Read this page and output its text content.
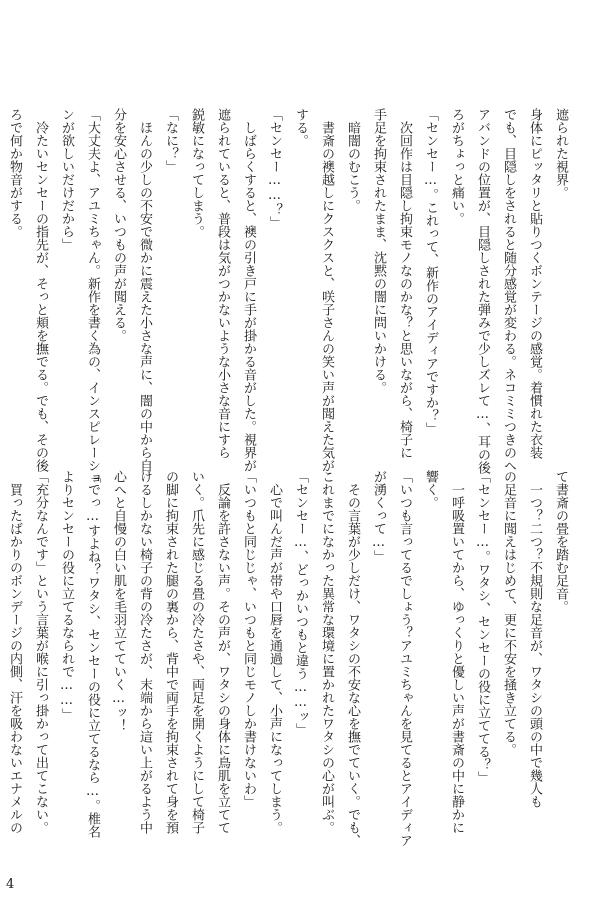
遮られた視界。
身体にピッタリと貼りつくボンテージの感覚。着慣れた衣装
でも、目隠しをされると随分感覚が変わる。ネコミミつきのヘ
アバンドの位置が、目隠しされた弾みで少しズレて…、耳の後
ろがちょっと痛い。
「センセー…。これって、新作のアイディアですか？」
　次回作は目隠し拘束モノなのかな？と思いながら、椅子に
手足を拘束されたまま、沈黙の闇に問いかける。
　暗闇のむこう。
　書斎の襖越しにクスクスと、咲子さんの笑い声が聞えた気が
する。
「センセー……？」
　しばらくすると、襖の引き戸に手が掛かる音がした。視界が
遮られていると、普段は気がつかないような小さな音にすら
鋭敏になってしまう。
「なに？」
　ほんの少しの不安で微かに震えた小さな声に、闇の中から自
分を安心させる、いつもの声が聞える。
「大丈夫よ、アユミちゃん。新作を書く為の、インスピレーショ
ンが欲しいだけだから」
　冷たいセンセーの指先が、そっと頬を撫でる。でも、その後
ろで何か物音がする。
て書斎の畳を踏む足音。
　一つ？二つ？不規則な足音が、ワタシの頭の中で幾人も
の足音に聞えはじめて、更に不安を掻き立てる。
「センセー…。ワタシ、センセーの役に立ててる？」
　一呼吸置いてから、ゆっくりと優しい声が書斎の中に静かに
響く。
「いつも言ってるでしょう？アユミちゃんを見てるとアイディア
が湧くって…」
　その言葉が少しだけ、ワタシの不安な心を撫でていく。でも、
これまでになかった異常な環境に置かれたワタシの心が叫ぶ。
「センセー…、どっかいつもと違う……ッ」
　心で叫んだ声が帯や口唇を通過して、小声になってしまう。
「いつもと同じじゃ、いつもと同じモノしか書けないわ」
　反論を許さない声。その声が、ワタシの身体に鳥肌を立てて
いく。爪先に感じる畳の冷たさや、両足を開くようにして椅子
の脚に拘束された腿の裏から、背中で両手を拘束されて身を預
けるしかない椅子の背の冷たさが、末端から這い上がるよう中
心へと自慢の白い肌を毛羽立てていく…ッ！
「でっ…すよね？ワタシ、センセーの役に立てるなら…。椎名
よりセンセーの役に立てるなられで……」
「充分なんです」という言葉が喉に引っ掛かって出てこない。
　買ったばかりのボンデージの内側、汗を吸わないエナメルの
4
